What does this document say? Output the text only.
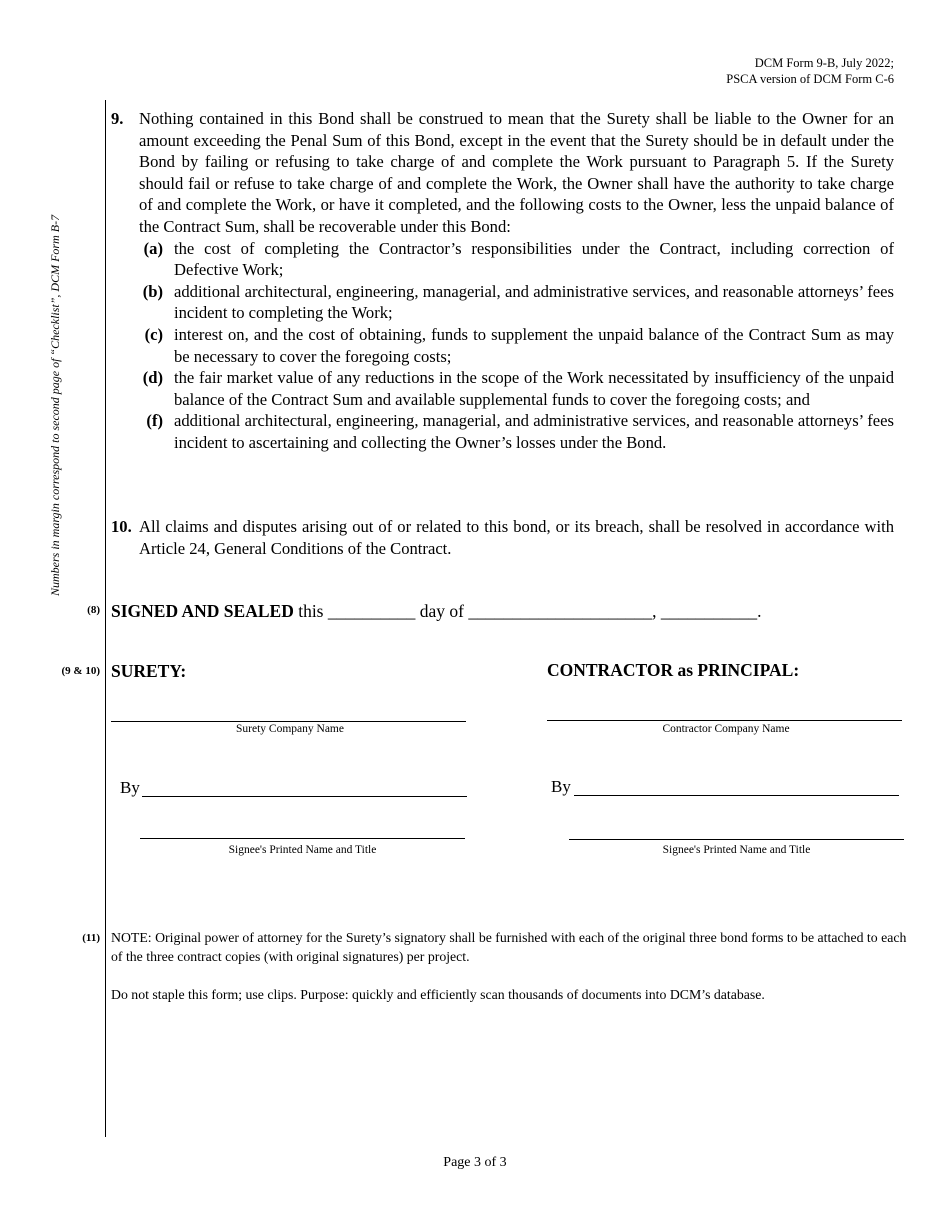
DCM Form 9-B, July 2022;
PSCA version of DCM Form C-6
Numbers in margin correspond to second page of “Checklist”, DCM Form B-7
9. Nothing contained in this Bond shall be construed to mean that the Surety shall be liable to the Owner for an amount exceeding the Penal Sum of this Bond, except in the event that the Surety should be in default under the Bond by failing or refusing to take charge of and complete the Work pursuant to Paragraph 5. If the Surety should fail or refuse to take charge of and complete the Work, the Owner shall have the authority to take charge of and complete the Work, or have it completed, and the following costs to the Owner, less the unpaid balance of the Contract Sum, shall be recoverable under this Bond:
(a) the cost of completing the Contractor’s responsibilities under the Contract, including correction of Defective Work;
(b) additional architectural, engineering, managerial, and administrative services, and reasonable attorneys’ fees incident to completing the Work;
(c) interest on, and the cost of obtaining, funds to supplement the unpaid balance of the Contract Sum as may be necessary to cover the foregoing costs;
(d) the fair market value of any reductions in the scope of the Work necessitated by insufficiency of the unpaid balance of the Contract Sum and available supplemental funds to cover the foregoing costs; and
(f) additional architectural, engineering, managerial, and administrative services, and reasonable attorneys’ fees incident to ascertaining and collecting the Owner’s losses under the Bond.
10. All claims and disputes arising out of or related to this bond, or its breach, shall be resolved in accordance with Article 24, General Conditions of the Contract.
(8) SIGNED AND SEALED this __________ day of _____________________, ___________.
(9 & 10) SURETY:	CONTRACTOR as PRINCIPAL:
Surety Company Name	Contractor Company Name
By	By
Signee's Printed Name and Title	Signee's Printed Name and Title
(11) NOTE: Original power of attorney for the Surety’s signatory shall be furnished with each of the original three bond forms to be attached to each of the three contract copies (with original signatures) per project.
Do not staple this form; use clips. Purpose: quickly and efficiently scan thousands of documents into DCM’s database.
Page 3 of 3
